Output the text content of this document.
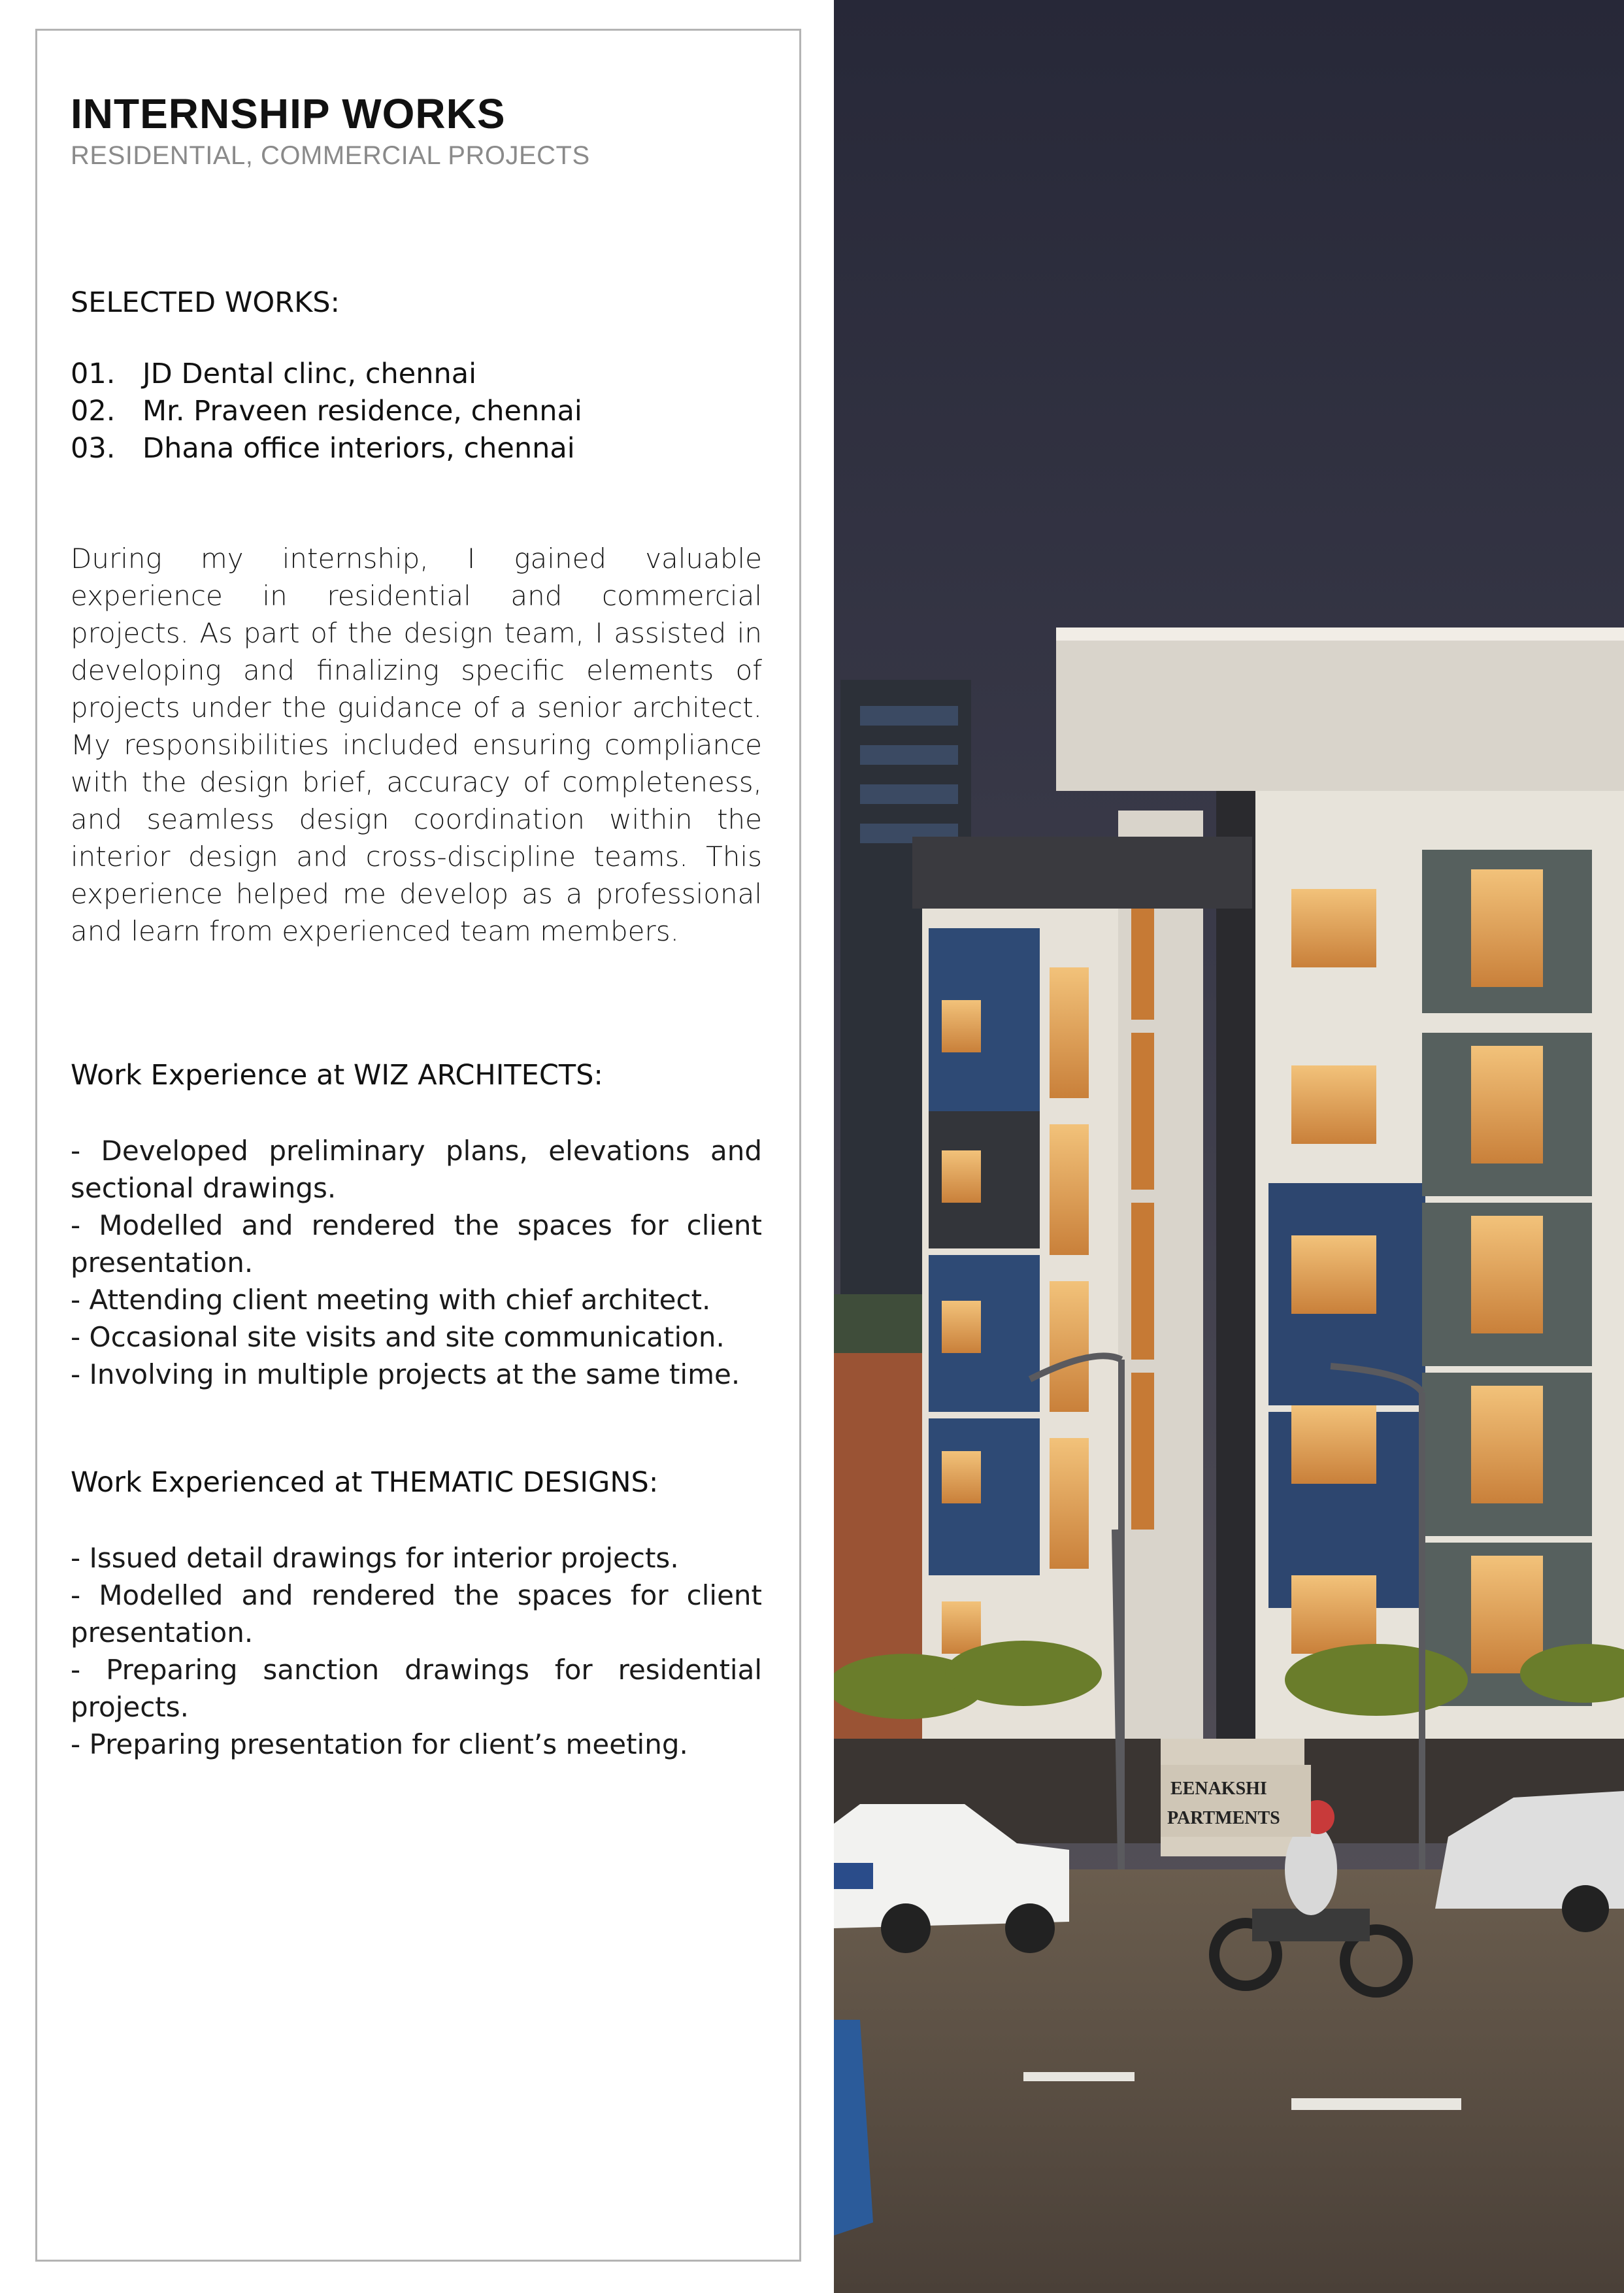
INTERNSHIP WORKS
RESIDENTIAL, COMMERCIAL PROJECTS
SELECTED WORKS:
01. JD Dental clinc, chennai
02. Mr. Praveen residence, chennai
03. Dhana office interiors, chennai
During my internship, I gained valuable experience in residential and commercial projects. As part of the design team, I assisted in developing and finalizing specific elements of projects under the guidance of a senior architect. My responsibilities included ensuring compliance with the design brief, accuracy of completeness, and seamless design coordination within the interior design and cross-discipline teams. This experience helped me develop as a professional and learn from experienced team members.
Work Experience at WIZ ARCHITECTS:
- Developed preliminary plans, elevations and sectional drawings.
- Modelled and rendered the spaces for client presentation.
- Attending client meeting with chief architect.
- Occasional site visits and site communication.
- Involving in multiple projects at the same time.
Work Experienced at THEMATIC DESIGNS:
- Issued detail drawings for interior projects.
- Modelled and rendered the spaces for client presentation.
- Preparing sanction drawings for residential projects.
- Preparing presentation for client’s meeting.
EENAKSHI
PARTMENTS
